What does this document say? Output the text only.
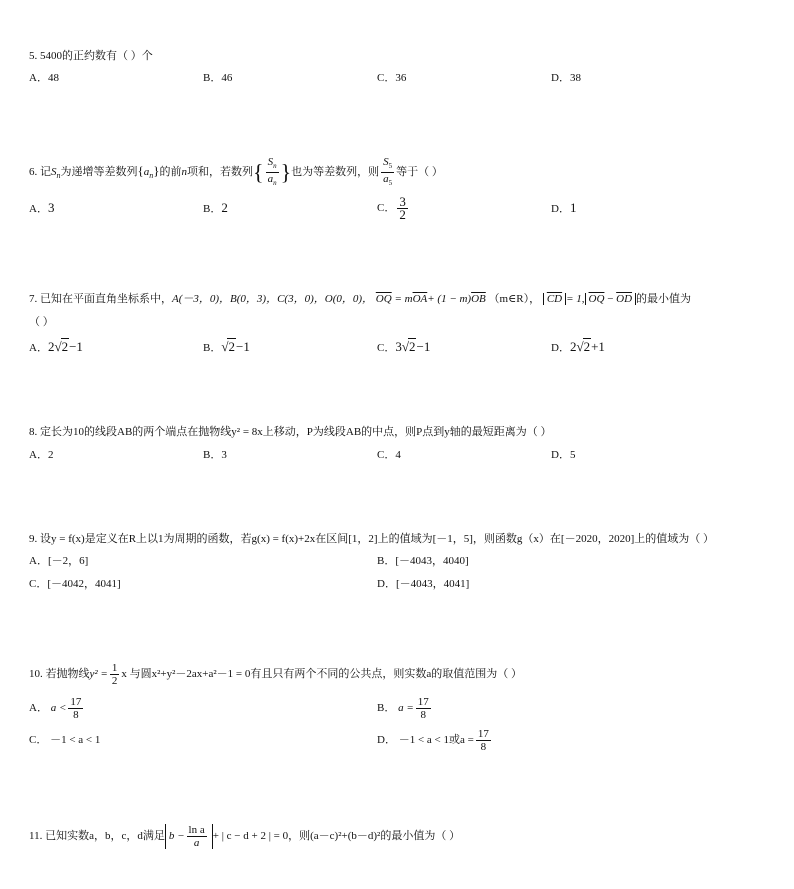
5. 5400的正约数有（ ）个
A．48	B．46	C．36	D．38
6. 记$S_n$为递增等差数列$\{a_n\}$的前n项和，若数列{ $\frac{S_n}{a_n}$ }也为等差数列，则 $\frac{S_5}{a_5}$ 等于（ ）
A．3	B．2	C． $\frac{3}{2}$	D．1
7. 已知在平面直角坐标系中，A(－3，0)，B(0，3)，C(3，0)，O(0，0)， $\overline{OQ} = m\overline{OA}+ (1 - m)\overline{OB}$ （m∈R）， $\overline{CD} = 1$, $\overline{OQ} - \overline{OD}$ 的最小值为
（ ）
A．2√2−1	B．√2−1	C．3√2−1	D．2√2+1
8. 定长为10的线段AB的两个端点在抛物线y² = 8x上移动，P为线段AB的中点，则P点到y轴的最短距离为（ ）
A．2	B．3	C．4	D．5
9. 设y = f(x)是定义在R上以1为周期的函数，若g(x) = f(x)+2x在区间[1，2]上的值域为[－1，5]，则函数g（x）在[－2020，2020]上的值域为（ ）
A．[－2，6]	B．[－4043，4040]
C．[－4042，4041]	D．[－4043，4041]
10. 若抛物线$y^2 = \frac{1}{2}$ x 与圆x²+y²－2ax+a²－1 = 0有且只有两个不同的公共点，则实数a的取值范围为（ ）
A． $a < \frac{17}{8}$	B． $a = \frac{17}{8}$
C． －1 < a < 1	D． －1 < a < 1或$a = \frac{17}{8}$
11. 已知实数a，b，c，d满足 $b - \frac{\text{ln a}}{a}$ + | c − d + 2 | = 0，则(a－c)²+(b－d)²的最小值为（ ）
